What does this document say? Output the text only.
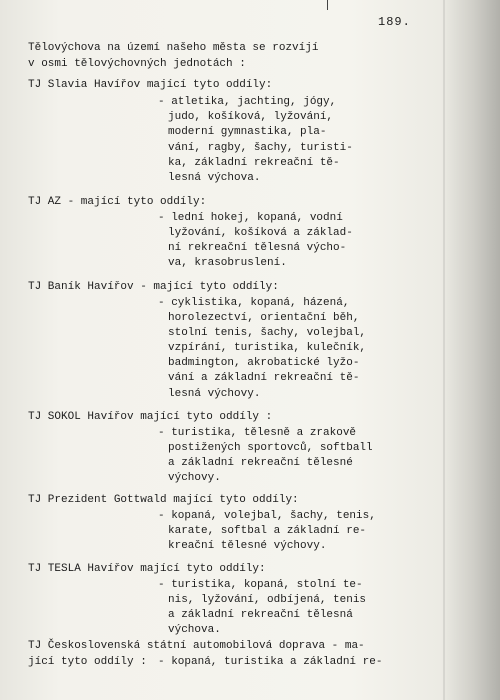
189.
Tělovýchova na území našeho města se rozvíjí
v osmi tělovýchovných jednotách :
TJ Slavia Havířov mající tyto oddíly:
- atletika, jachting, jógy,
judo, košíková, lyžování,
moderní gymnastika, pla-
vání, ragby, šachy, turisti-
ka, základní rekreační tě-
lesná výchova.
TJ AZ - mající tyto oddíly:
- lední hokej, kopaná, vodní
lyžování, košíková a základ-
ní rekreační tělesná výcho-
va, krasobruslení.
TJ Baník Havířov - mající tyto oddíly:
- cyklistika, kopaná, házená,
horolezectví, orientační běh,
stolní tenis, šachy, volejbal,
vzpírání, turistika, kulečník,
badmington, akrobatické lyžo-
vání a základní rekreační tě-
lesná výchovy.
TJ SOKOL Havířov mající tyto oddíly :
- turistika, tělesně a zrakově
postižených sportovců, softball
a základní rekreační tělesné
výchovy.
TJ Prezident Gottwald mající tyto oddíly:
- kopaná, volejbal, šachy, tenis,
karate, softbal a základní re-
kreační tělesné výchovy.
TJ TESLA Havířov mající tyto oddíly:
- turistika, kopaná, stolní te-
nis, lyžování, odbíjená, tenis
a základní rekreační tělesná
výchova.
TJ Československá státní automobilová doprava - ma-
jící tyto oddíly : - kopaná, turistika a základní re-
